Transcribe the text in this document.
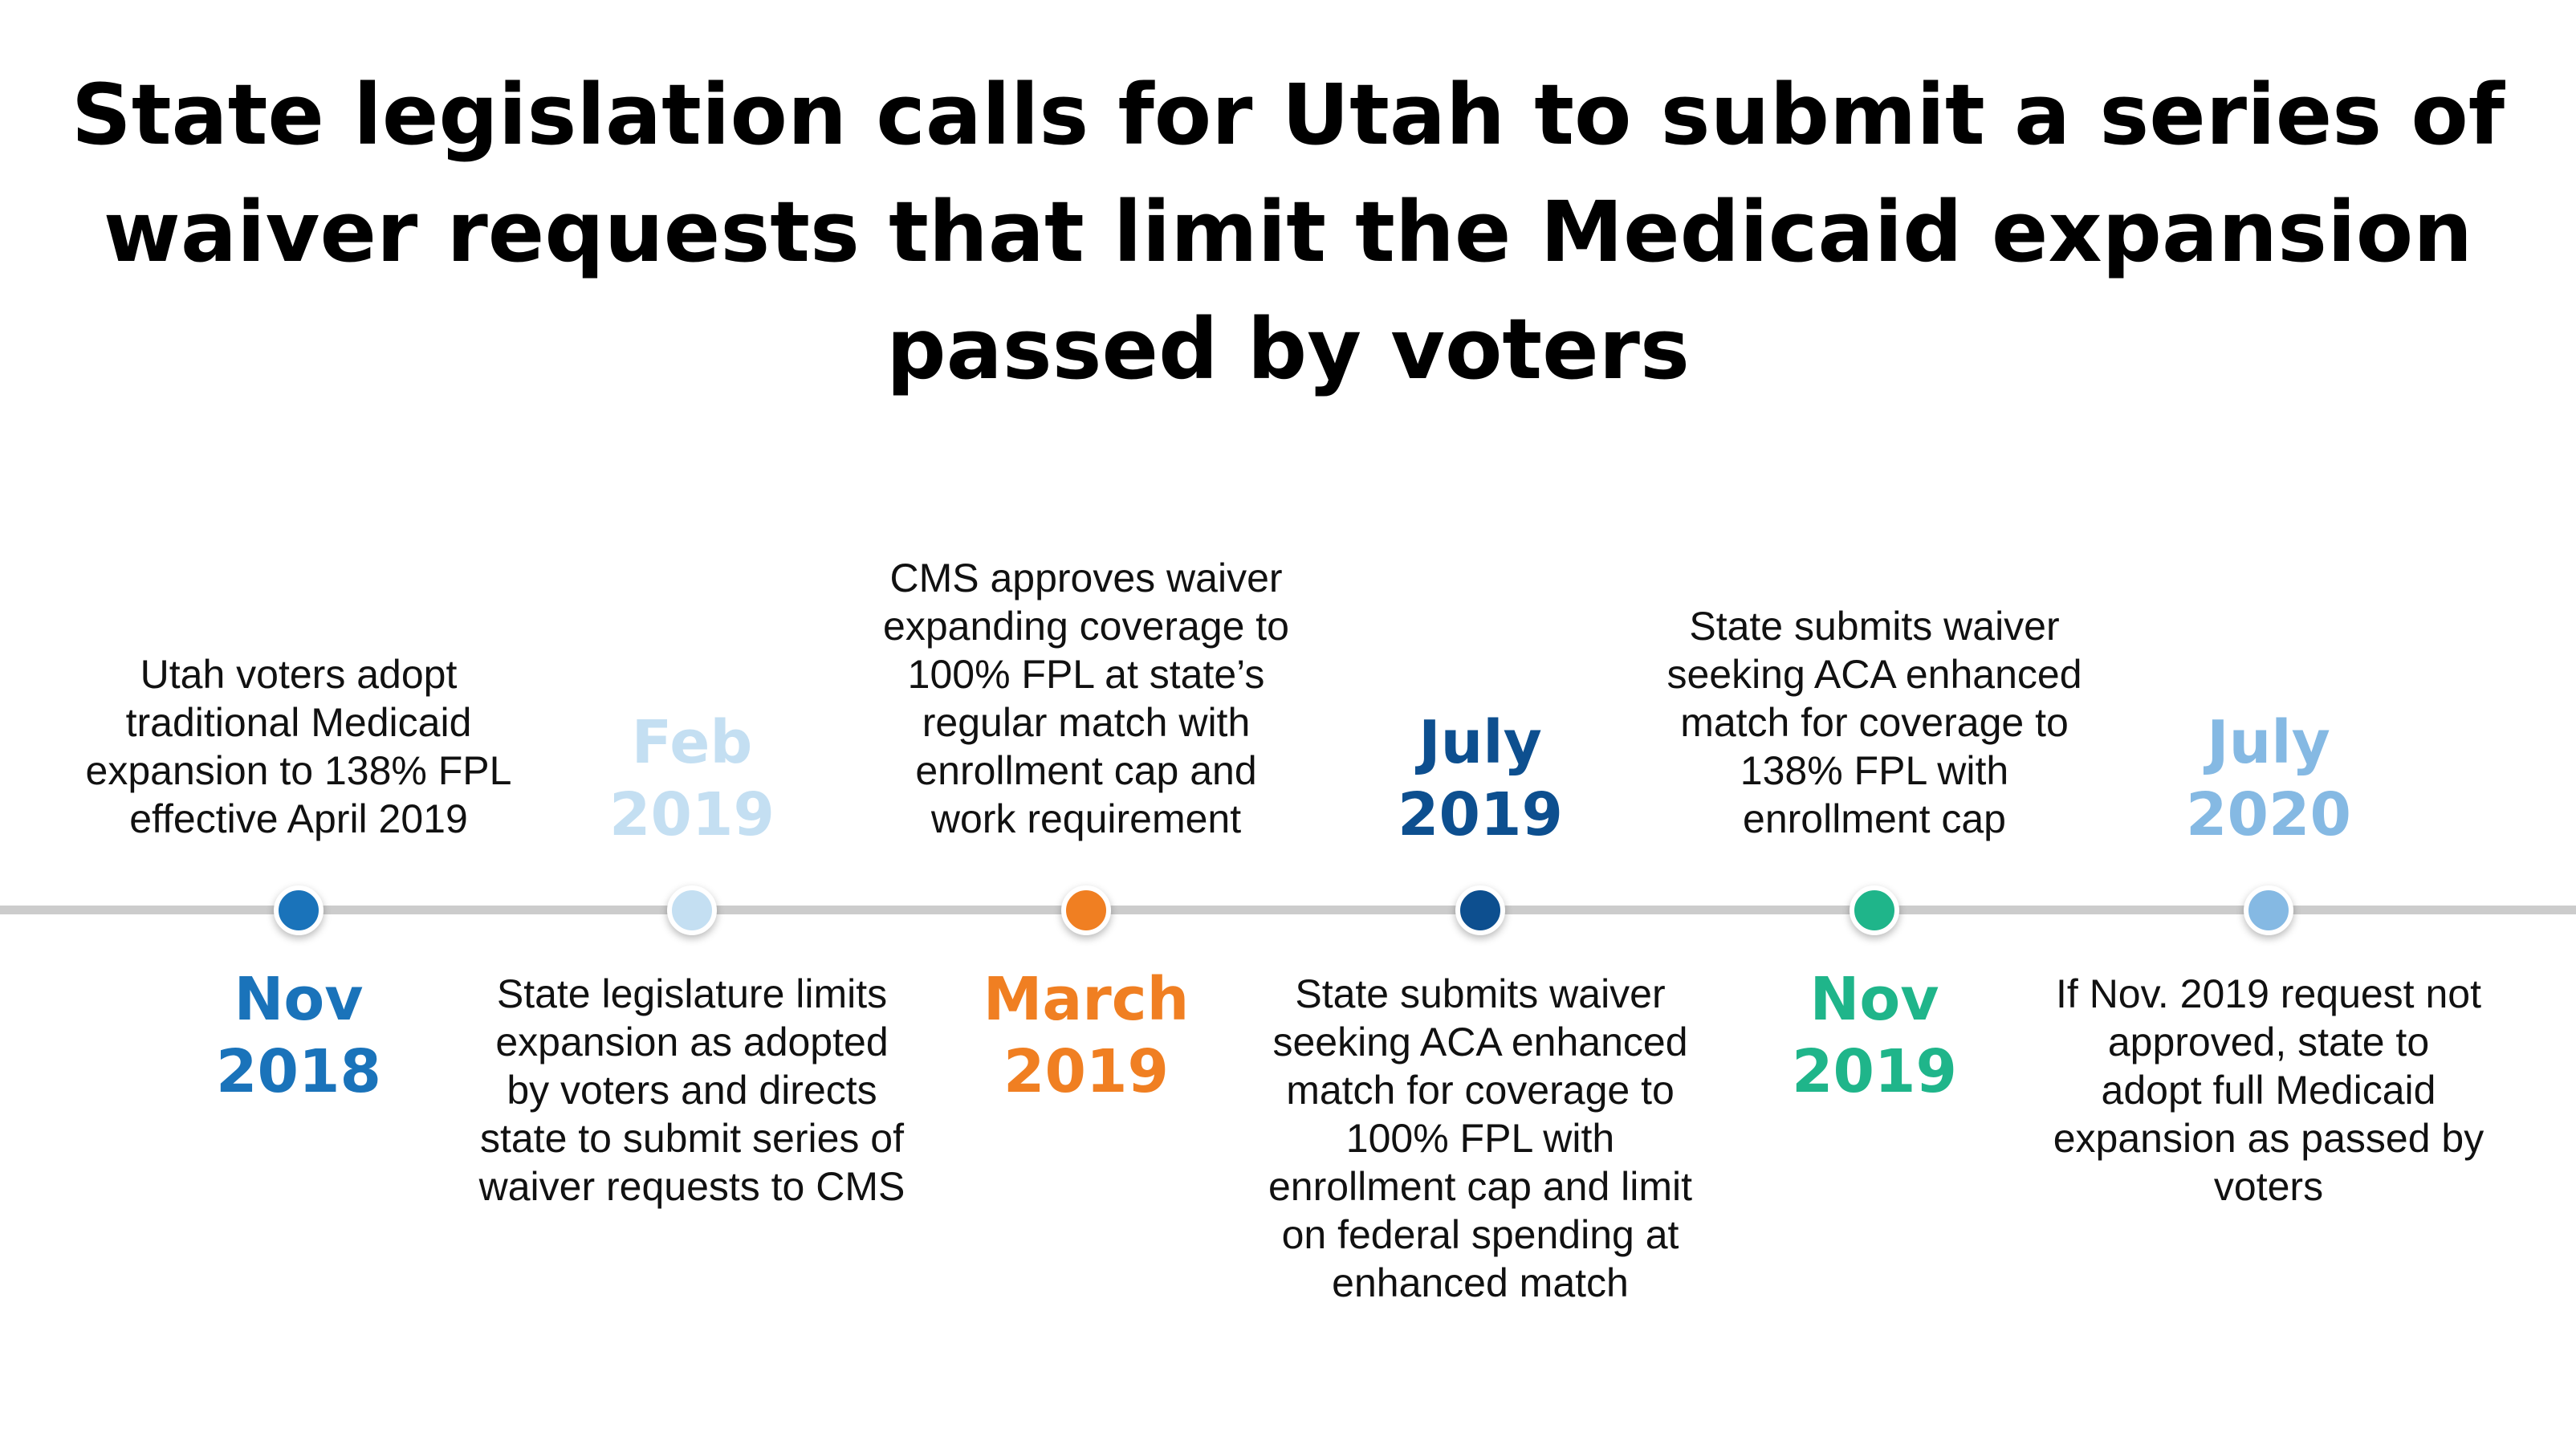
State legislation calls for Utah to submit a series of
waiver requests that limit the Medicaid expansion
passed by voters
Nov
2018
Utah voters adopt
traditional Medicaid
expansion to 138% FPL
effective April 2019
Feb
2019
State legislature limits
expansion as adopted
by voters and directs
state to submit series of
waiver requests to CMS
March
2019
CMS approves waiver
expanding coverage to
100% FPL at state’s
regular match with
enrollment cap and
work requirement
July
2019
State submits waiver
seeking ACA enhanced
match for coverage to
100% FPL with
enrollment cap and limit
on federal spending at
enhanced match
Nov
2019
State submits waiver
seeking ACA enhanced
match for coverage to
138% FPL with
enrollment cap
July
2020
If Nov. 2019 request not
approved, state to
adopt full Medicaid
expansion as passed by
voters
